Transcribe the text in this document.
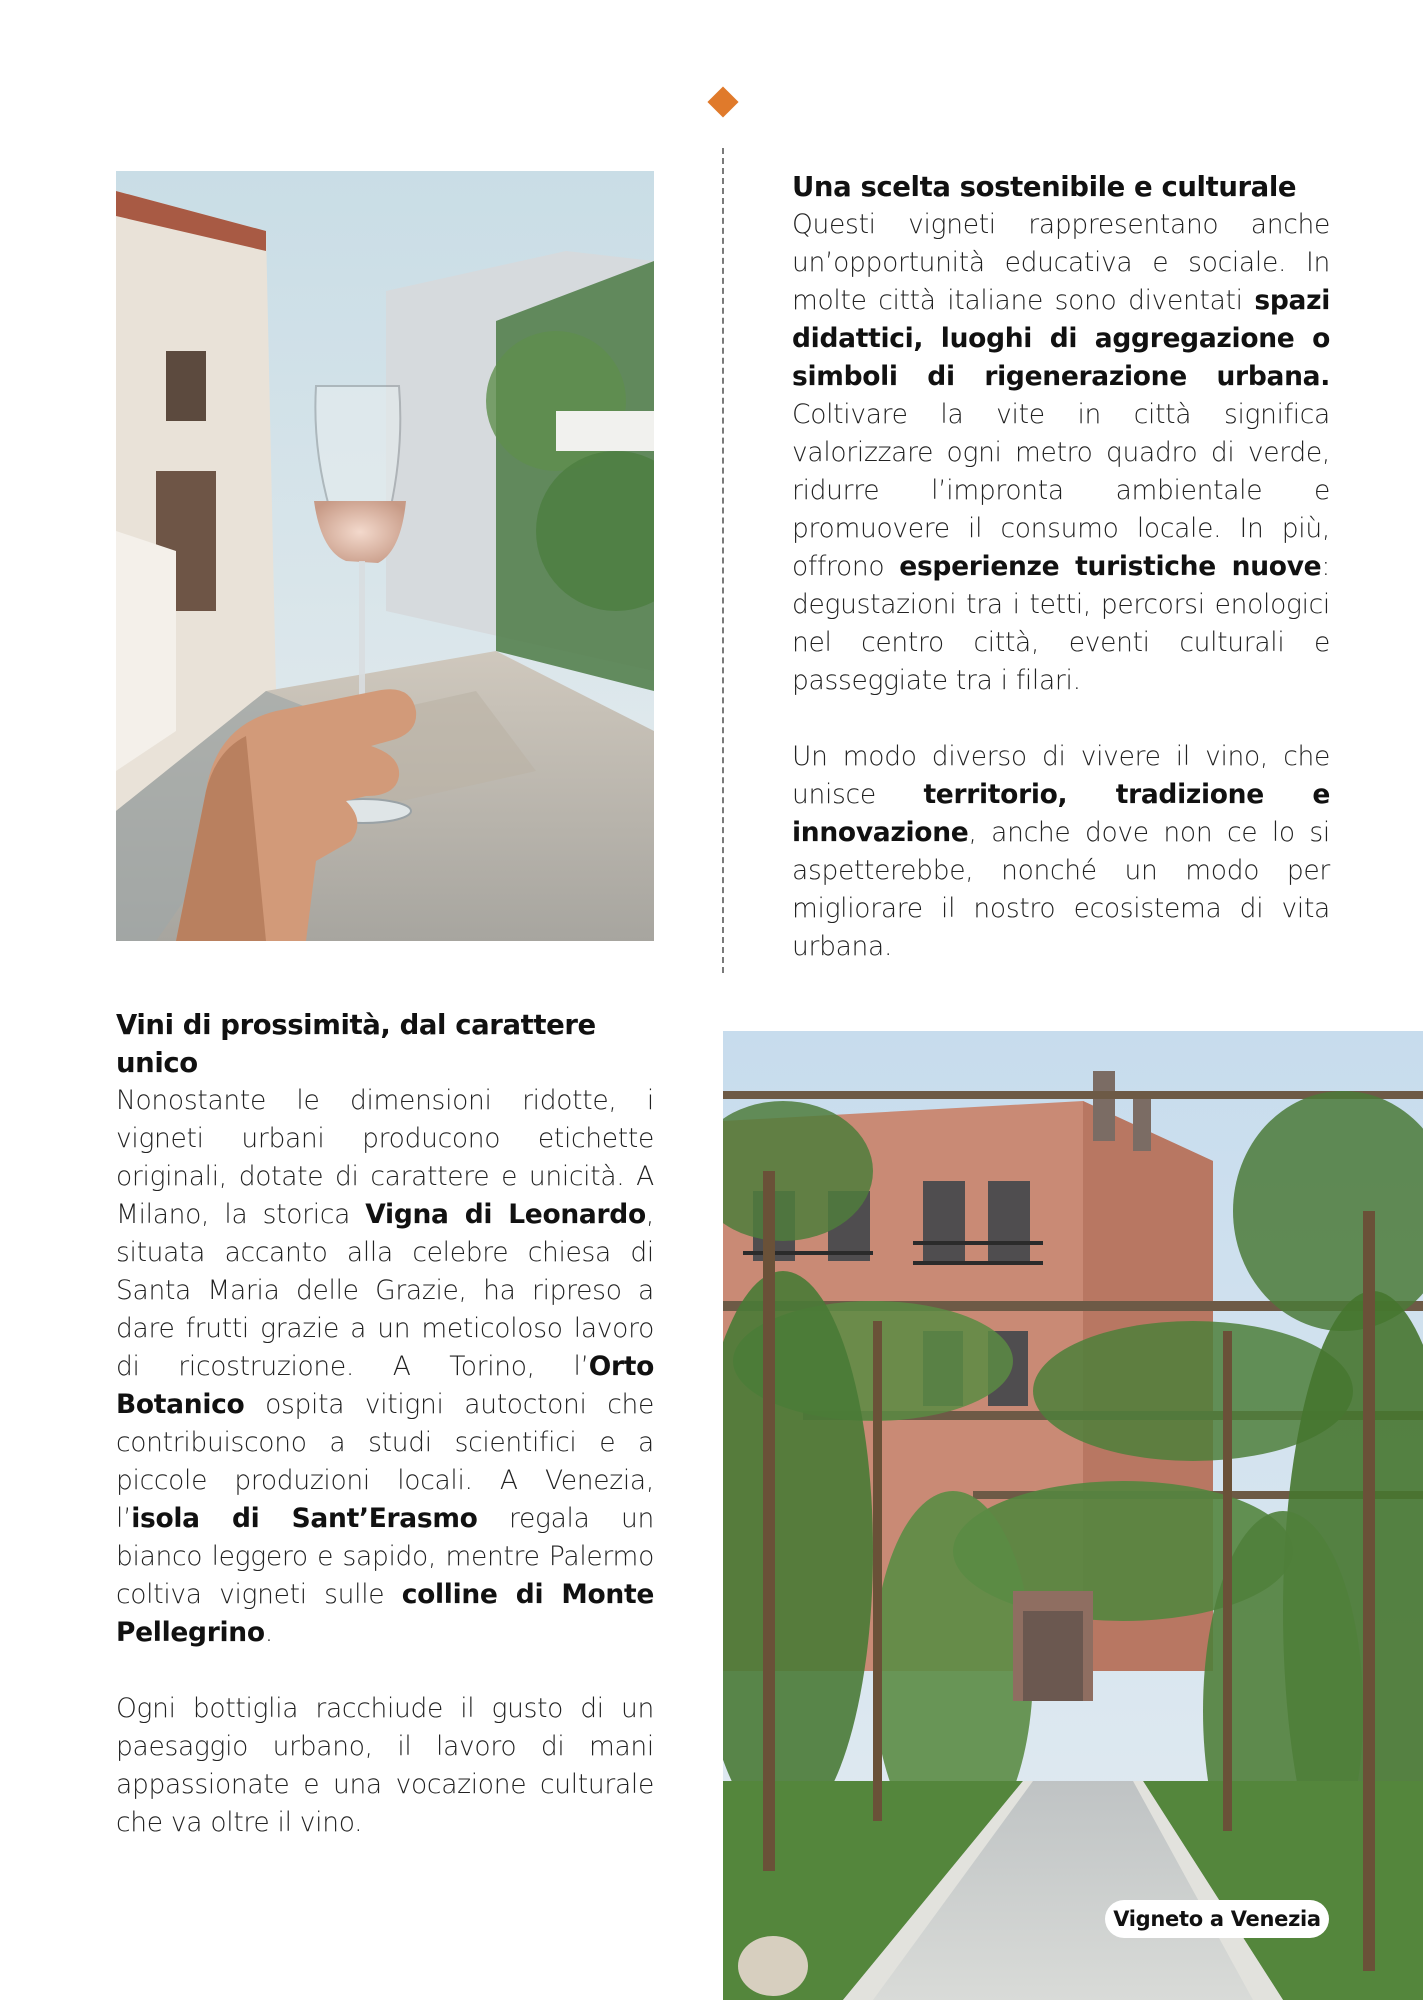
Una scelta sostenibile e culturale

Questi vigneti rappresentano anche un’opportunità educativa e sociale. In molte città italiane sono diventati spazi didattici, luoghi di aggregazione o simboli di rigenerazione urbana. Coltivare la vite in città significa valorizzare ogni metro quadro di verde, ridurre l’impronta ambientale e promuovere il consumo locale. In più, offrono esperienze turistiche nuove: degustazioni tra i tetti, percorsi enologici nel centro città, eventi culturali e passeggiate tra i filari.

Un modo diverso di vivere il vino, che unisce territorio, tradizione e innovazione, anche dove non ce lo si aspetterebbe, nonché un modo per migliorare il nostro ecosistema di vita urbana.

Vini di prossimità, dal carattere unico

Nonostante le dimensioni ridotte, i vigneti urbani producono etichette originali, dotate di carattere e unicità. A Milano, la storica Vigna di Leonardo, situata accanto alla celebre chiesa di Santa Maria delle Grazie, ha ripreso a dare frutti grazie a un meticoloso lavoro di ricostruzione. A Torino, l’Orto Botanico ospita vitigni autoctoni che contribuiscono a studi scientifici e a piccole produzioni locali. A Venezia, l’isola di Sant’Erasmo regala un bianco leggero e sapido, mentre Palermo coltiva vigneti sulle colline di Monte Pellegrino.

Ogni bottiglia racchiude il gusto di un paesaggio urbano, il lavoro di mani appassionate e una vocazione culturale che va oltre il vino.

Vigneto a Venezia
